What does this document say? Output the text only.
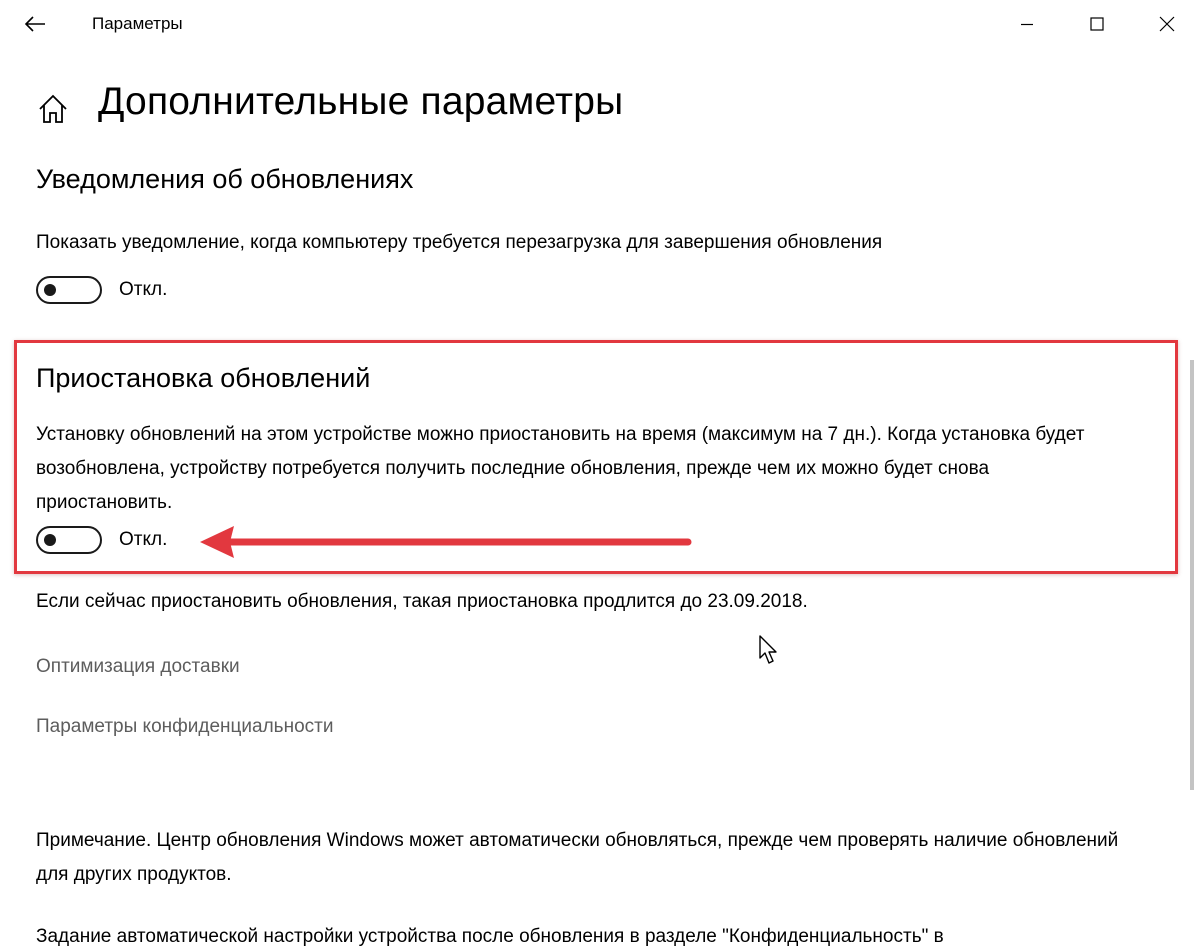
Параметры
Дополнительные параметры
Уведомления об обновлениях
Показать уведомление, когда компьютеру требуется перезагрузка для завершения обновления
Откл.
Приостановка обновлений
Установку обновлений на этом устройстве можно приостановить на время (максимум на 7 дн.). Когда установка будет возобновлена, устройству потребуется получить последние обновления, прежде чем их можно будет снова приостановить.
Откл.
Если сейчас приостановить обновления, такая приостановка продлится до 23.09.2018.
Оптимизация доставки
Параметры конфиденциальности
Примечание. Центр обновления Windows может автоматически обновляться, прежде чем проверять наличие обновлений для других продуктов.
Задание автоматической настройки устройства после обновления в разделе "Конфиденциальность" в
